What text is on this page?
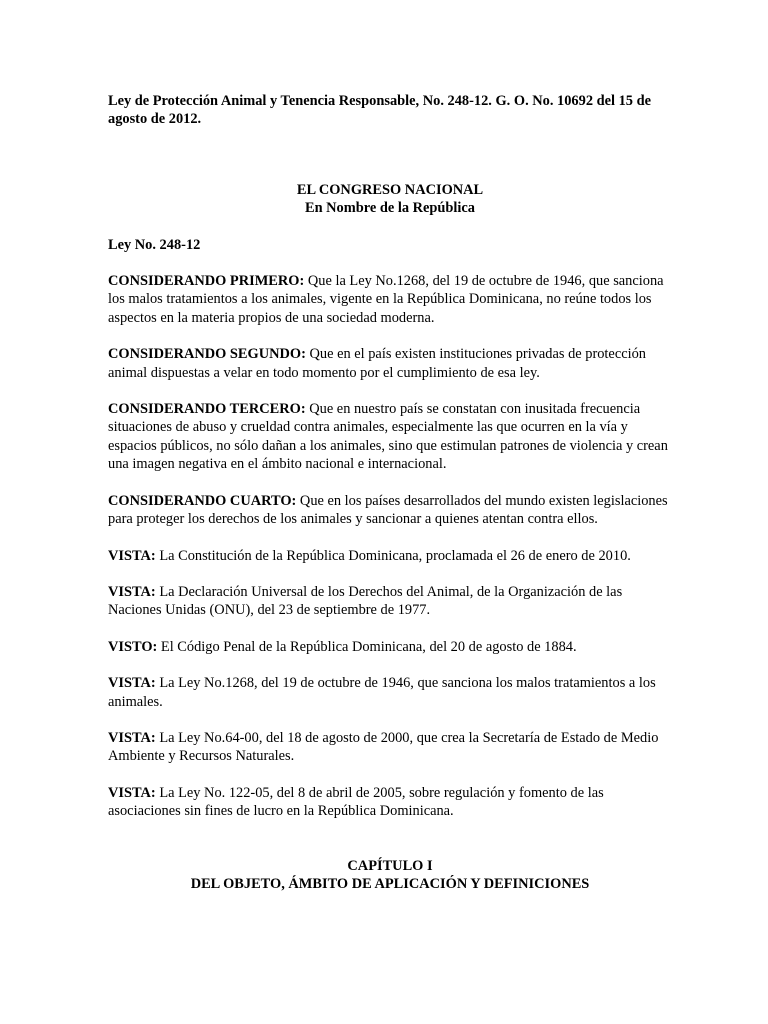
Ley de Protección Animal y Tenencia Responsable, No. 248-12. G. O. No. 10692 del 15 de agosto de 2012.

EL CONGRESO NACIONAL

En Nombre de la República

Ley No. 248-12

CONSIDERANDO PRIMERO: Que la Ley No.1268, del 19 de octubre de 1946, que sanciona los malos tratamientos a los animales, vigente en la República Dominicana, no reúne todos los aspectos en la materia propios de una sociedad moderna.

CONSIDERANDO SEGUNDO: Que en el país existen instituciones privadas de protección animal dispuestas a velar en todo momento por el cumplimiento de esa ley.

CONSIDERANDO TERCERO: Que en nuestro país se constatan con inusitada frecuencia situaciones de abuso y crueldad contra animales, especialmente las que ocurren en la vía y espacios públicos, no sólo dañan a los animales, sino que estimulan patrones de violencia y crean una imagen negativa en el ámbito nacional e internacional.

CONSIDERANDO CUARTO: Que en los países desarrollados del mundo existen legislaciones para proteger los derechos de los animales y sancionar a quienes atentan contra ellos.

VISTA: La Constitución de la República Dominicana, proclamada el 26 de enero de 2010.

VISTA: La Declaración Universal de los Derechos del Animal, de la Organización de las Naciones Unidas (ONU), del 23 de septiembre de 1977.

VISTO: El Código Penal de la República Dominicana, del 20 de agosto de 1884.

VISTA: La Ley No.1268, del 19 de octubre de 1946, que sanciona los malos tratamientos a los animales.

VISTA: La Ley No.64-00, del 18 de agosto de 2000, que crea la Secretaría de Estado de Medio Ambiente y Recursos Naturales.

VISTA: La Ley No. 122-05, del 8 de abril de 2005, sobre regulación y fomento de las asociaciones sin fines de lucro en la República Dominicana.

CAPÍTULO I

DEL OBJETO, ÁMBITO DE APLICACIÓN Y DEFINICIONES
